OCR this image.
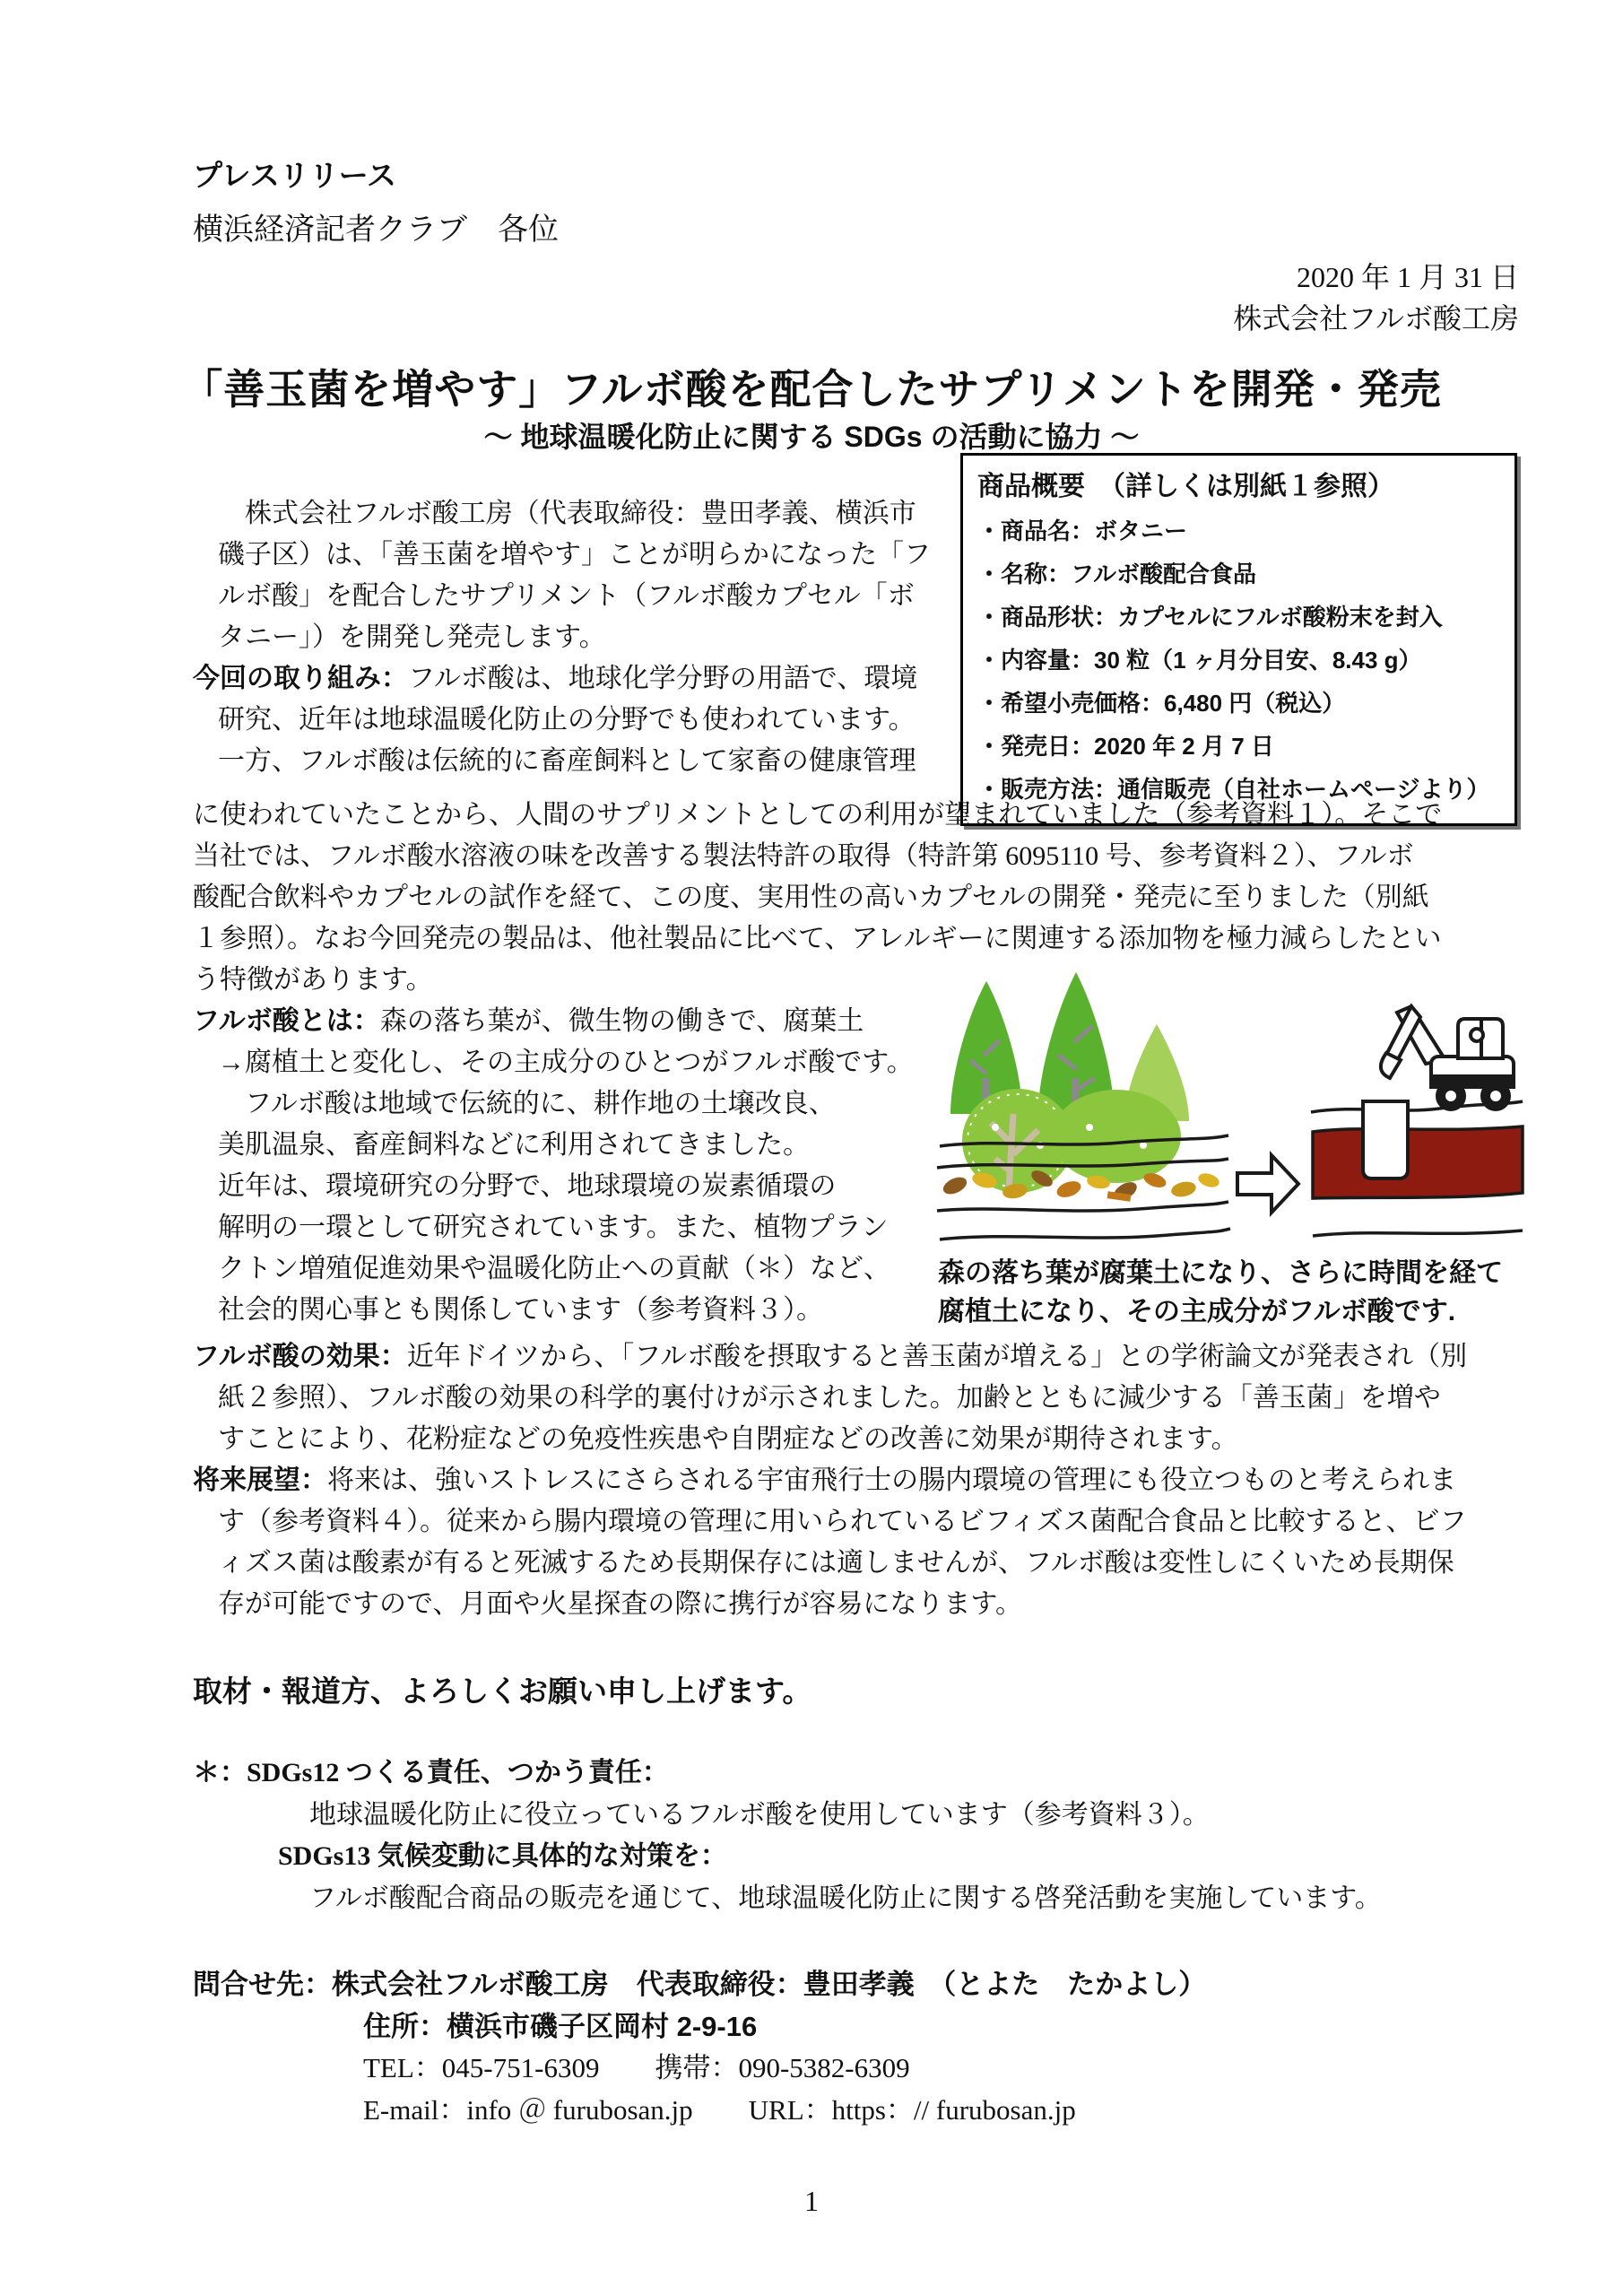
プレスリリース
横浜経済記者クラブ　各位
2020 年 1 月 31 日
株式会社フルボ酸工房
「善玉菌を増やす」フルボ酸を配合したサプリメントを開発・発売
～ 地球温暖化防止に関する SDGs の活動に協力 ～
商品概要　（詳しくは別紙１参照）
・商品名：ボタニー
・名称：フルボ酸配合食品
・商品形状：カプセルにフルボ酸粉末を封入
・内容量：30 粒（1 ヶ月分目安、8.43 g）
・希望小売価格：6,480 円（税込）
・発売日：2020 年 2 月 7 日
・販売方法：通信販売（自社ホームページより）
　株式会社フルボ酸工房（代表取締役：豊田孝義、横浜市
磯子区）は、「善玉菌を増やす」ことが明らかになった「フ
ルボ酸」を配合したサプリメント（フルボ酸カプセル「ボ
タニー」）を開発し発売します。
今回の取り組み：フルボ酸は、地球化学分野の用語で、環境
研究、近年は地球温暖化防止の分野でも使われています。
一方、フルボ酸は伝統的に畜産飼料として家畜の健康管理
に使われていたことから、人間のサプリメントとしての利用が望まれていました（参考資料１）。そこで
当社では、フルボ酸水溶液の味を改善する製法特許の取得（特許第 6095110 号、参考資料２）、フルボ
酸配合飲料やカプセルの試作を経て、この度、実用性の高いカプセルの開発・発売に至りました（別紙
１参照）。なお今回発売の製品は、他社製品に比べて、アレルギーに関連する添加物を極力減らしたとい
う特徴があります。
フルボ酸とは：森の落ち葉が、微生物の働きで、腐葉土
→腐植土と変化し、その主成分のひとつがフルボ酸です。
　フルボ酸は地域で伝統的に、耕作地の土壌改良、
美肌温泉、畜産飼料などに利用されてきました。
近年は、環境研究の分野で、地球環境の炭素循環の
解明の一環として研究されています。また、植物プラン
クトン増殖促進効果や温暖化防止への貢献（＊）など、
社会的関心事とも関係しています（参考資料３）。
森の落ち葉が腐葉土になり、さらに時間を経て
腐植土になり、その主成分がフルボ酸です.
フルボ酸の効果：近年ドイツから、「フルボ酸を摂取すると善玉菌が増える」との学術論文が発表され（別
紙２参照）、フルボ酸の効果の科学的裏付けが示されました。加齢とともに減少する「善玉菌」を増や
すことにより、花粉症などの免疫性疾患や自閉症などの改善に効果が期待されます。
将来展望：将来は、強いストレスにさらされる宇宙飛行士の腸内環境の管理にも役立つものと考えられま
す（参考資料４）。従来から腸内環境の管理に用いられているビフィズス菌配合食品と比較すると、ビフ
ィズス菌は酸素が有ると死滅するため長期保存には適しませんが、フルボ酸は変性しにくいため長期保
存が可能ですので、月面や火星探査の際に携行が容易になります。
取材・報道方、よろしくお願い申し上げます。
＊：SDGs12 つくる責任、つかう責任：
地球温暖化防止に役立っているフルボ酸を使用しています（参考資料３）。
SDGs13 気候変動に具体的な対策を：
フルボ酸配合商品の販売を通じて、地球温暖化防止に関する啓発活動を実施しています。
問合せ先：株式会社フルボ酸工房　代表取締役：豊田孝義　（とよた　たかよし）
住所：横浜市磯子区岡村 2-9-16
TEL：045-751-6309　　携帯：090-5382-6309
E-mail：info ＠ furubosan.jp　　URL：https：// furubosan.jp
1
